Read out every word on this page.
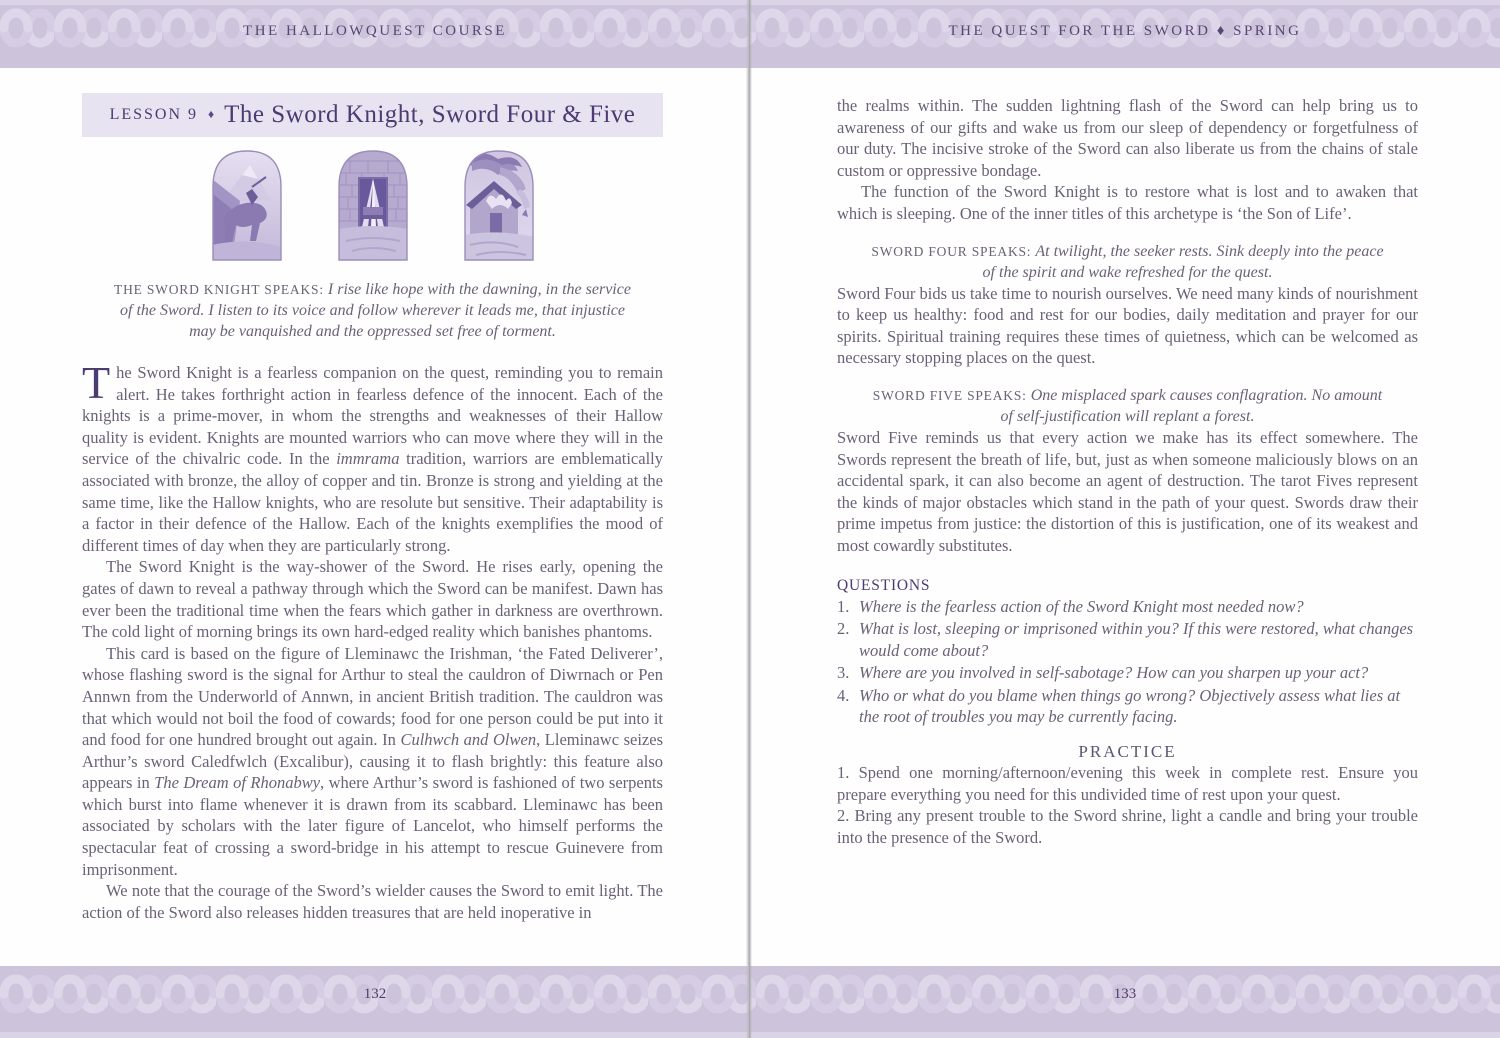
THE HALLOWQUEST COURSE	THE QUEST FOR THE SWORD ♦ SPRING
132	133
LESSON 9 ♦ The Sword Knight, Sword Four & Five
THE SWORD KNIGHT SPEAKS: I rise like hope with the dawning, in the service of the Sword. I listen to its voice and follow wherever it leads me, that injustice may be vanquished and the oppressed set free of torment.

The Sword Knight is a fearless companion on the quest, reminding you to remain alert. He takes forthright action in fearless defence of the innocent. Each of the knights is a prime-mover, in whom the strengths and weaknesses of their Hallow quality is evident. Knights are mounted warriors who can move where they will in the service of the chivalric code. In the immrama tradition, warriors are emblematically associated with bronze, the alloy of copper and tin. Bronze is strong and yielding at the same time, like the Hallow knights, who are resolute but sensitive. Their adaptability is a factor in their defence of the Hallow. Each of the knights exemplifies the mood of different times of day when they are particularly strong.

The Sword Knight is the way-shower of the Sword. He rises early, opening the gates of dawn to reveal a pathway through which the Sword can be manifest. Dawn has ever been the traditional time when the fears which gather in darkness are overthrown. The cold light of morning brings its own hard-edged reality which banishes phantoms.

This card is based on the figure of Lleminawc the Irishman, ‘the Fated Deliverer’, whose flashing sword is the signal for Arthur to steal the cauldron of Diwrnach or Pen Annwn from the Underworld of Annwn, in ancient British tradition. The cauldron was that which would not boil the food of cowards; food for one person could be put into it and food for one hundred brought out again. In Culhwch and Olwen, Lleminawc seizes Arthur’s sword Caledfwlch (Excalibur), causing it to flash brightly: this feature also appears in The Dream of Rhonabwy, where Arthur’s sword is fashioned of two serpents which burst into flame whenever it is drawn from its scabbard. Lleminawc has been associated by scholars with the later figure of Lancelot, who himself performs the spectacular feat of crossing a sword-bridge in his attempt to rescue Guinevere from imprisonment.

We note that the courage of the Sword’s wielder causes the Sword to emit light. The action of the Sword also releases hidden treasures that are held inoperative in

the realms within. The sudden lightning flash of the Sword can help bring us to awareness of our gifts and wake us from our sleep of dependency or forgetfulness of our duty. The incisive stroke of the Sword can also liberate us from the chains of stale custom or oppressive bondage.

The function of the Sword Knight is to restore what is lost and to awaken that which is sleeping. One of the inner titles of this archetype is ‘the Son of Life’.

SWORD FOUR SPEAKS: At twilight, the seeker rests. Sink deeply into the peace of the spirit and wake refreshed for the quest.

Sword Four bids us take time to nourish ourselves. We need many kinds of nourishment to keep us healthy: food and rest for our bodies, daily meditation and prayer for our spirits. Spiritual training requires these times of quietness, which can be welcomed as necessary stopping places on the quest.

SWORD FIVE SPEAKS: One misplaced spark causes conflagration. No amount of self-justification will replant a forest.

Sword Five reminds us that every action we make has its effect somewhere. The Swords represent the breath of life, but, just as when someone maliciously blows on an accidental spark, it can also become an agent of destruction. The tarot Fives represent the kinds of major obstacles which stand in the path of your quest. Swords draw their prime impetus from justice: the distortion of this is justification, one of its weakest and most cowardly substitutes.

QUESTIONS
1. Where is the fearless action of the Sword Knight most needed now?
2. What is lost, sleeping or imprisoned within you? If this were restored, what changes would come about?
3. Where are you involved in self-sabotage? How can you sharpen up your act?
4. Who or what do you blame when things go wrong? Objectively assess what lies at the root of troubles you may be currently facing.
PRACTICE

1. Spend one morning/afternoon/evening this week in complete rest. Ensure you prepare everything you need for this undivided time of rest upon your quest.

2. Bring any present trouble to the Sword shrine, light a candle and bring your trouble into the presence of the Sword.
